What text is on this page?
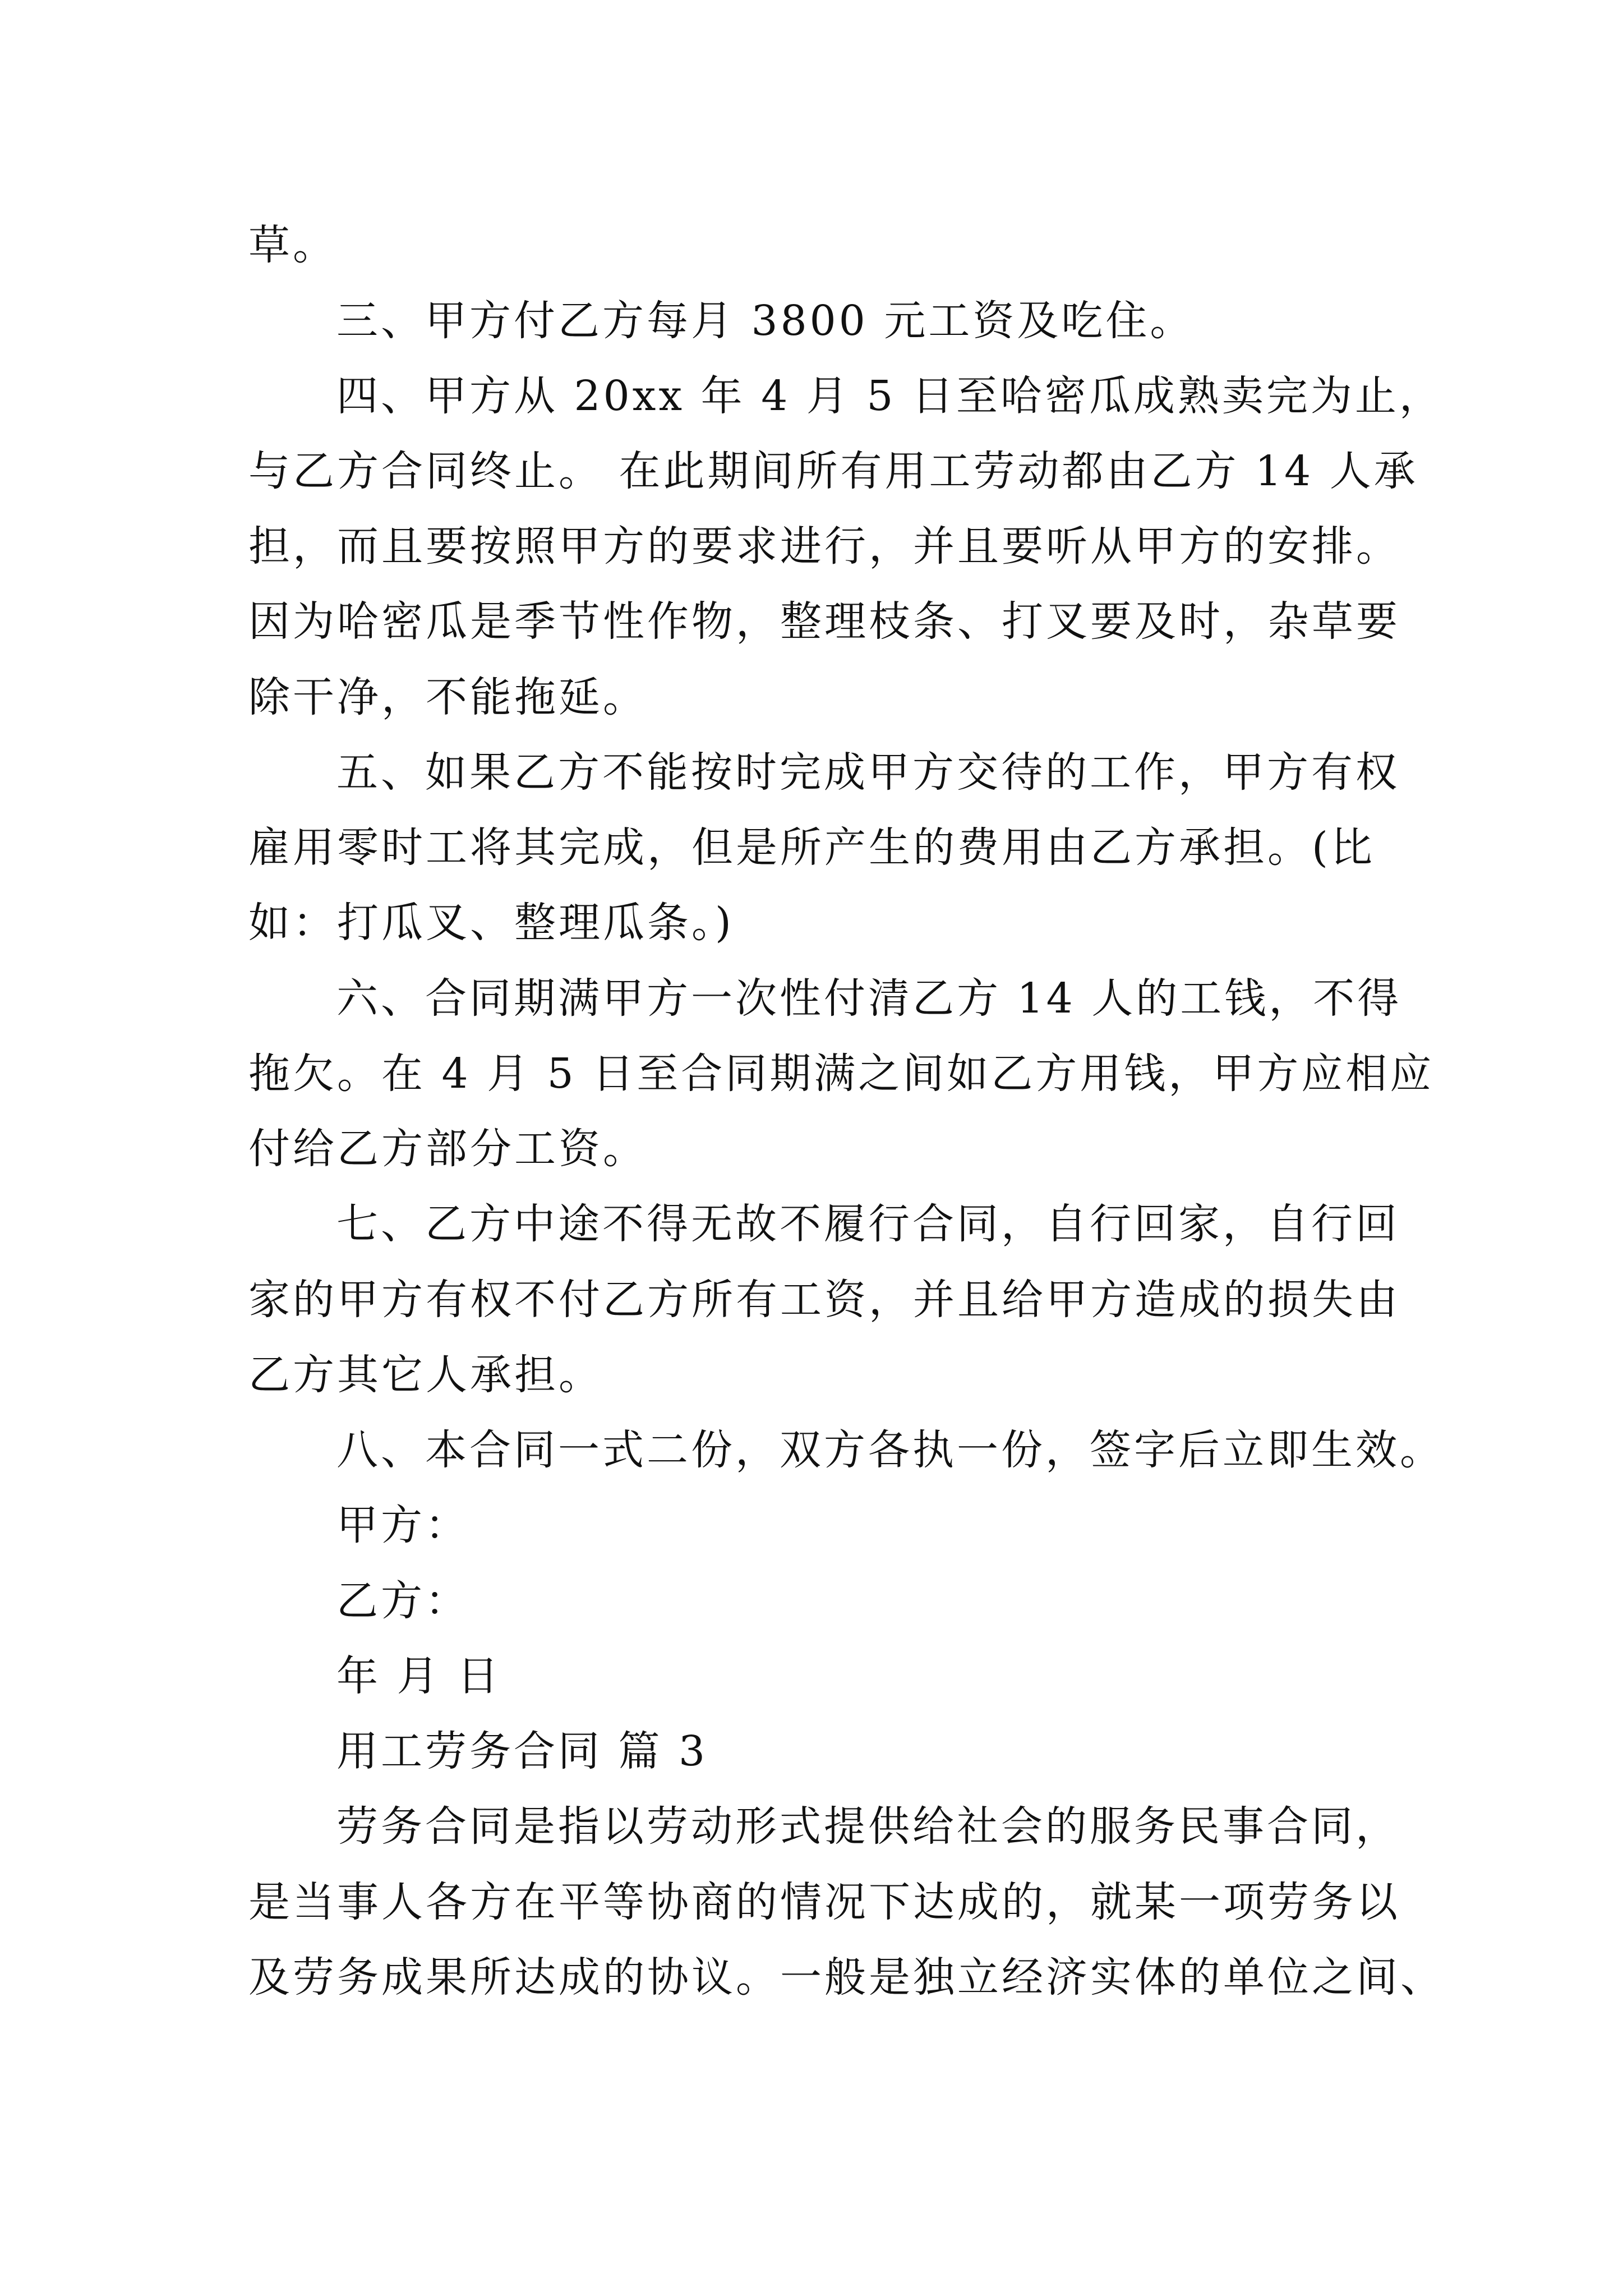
草。
三、甲方付乙方每月 3800 元工资及吃住。
四、甲方从 20xx 年 4 月 5 日至哈密瓜成熟卖完为止，
与乙方合同终止。 在此期间所有用工劳动都由乙方 14 人承
担，而且要按照甲方的要求进行，并且要听从甲方的安排。
因为哈密瓜是季节性作物，整理枝条、打叉要及时，杂草要
除干净，不能拖延。
五、如果乙方不能按时完成甲方交待的工作，甲方有权
雇用零时工将其完成，但是所产生的费用由乙方承担。(比
如：打瓜叉、整理瓜条。)
六、合同期满甲方一次性付清乙方 14 人的工钱，不得
拖欠。在 4 月 5 日至合同期满之间如乙方用钱，甲方应相应
付给乙方部分工资。
七、乙方中途不得无故不履行合同，自行回家，自行回
家的甲方有权不付乙方所有工资，并且给甲方造成的损失由
乙方其它人承担。
八、本合同一式二份，双方各执一份，签字后立即生效。
甲方：
乙方：
年 月 日
用工劳务合同 篇 3
劳务合同是指以劳动形式提供给社会的服务民事合同，
是当事人各方在平等协商的情况下达成的，就某一项劳务以
及劳务成果所达成的协议。一般是独立经济实体的单位之间、
